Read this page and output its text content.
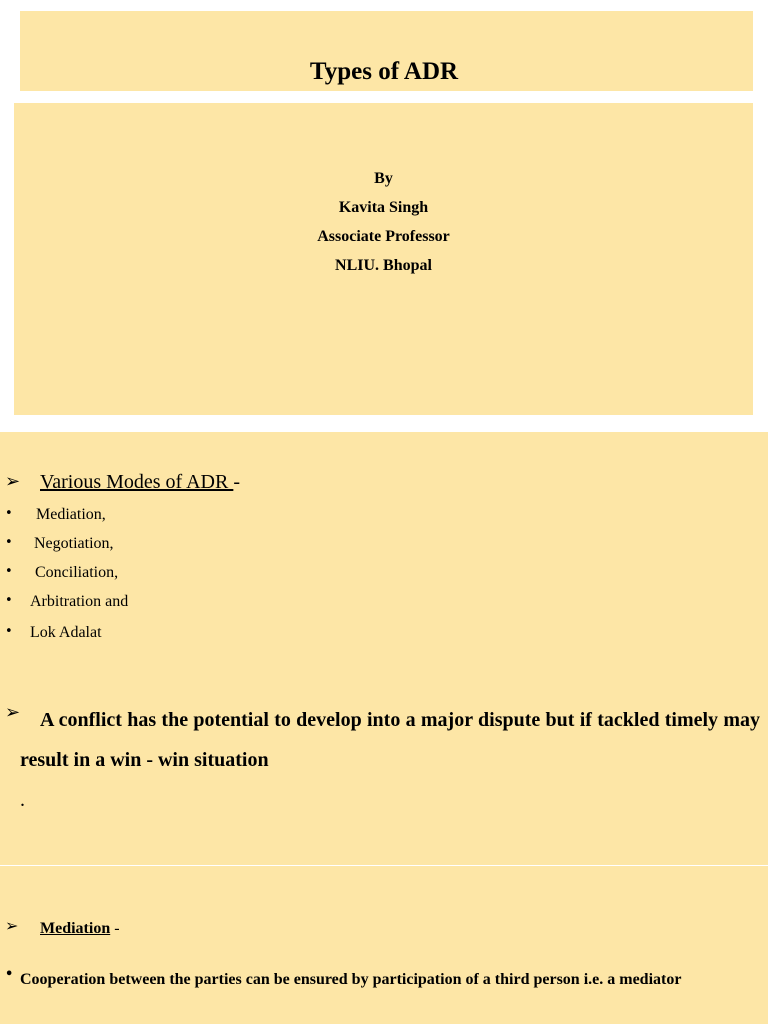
Types of ADR
By
Kavita Singh
Associate Professor
NLIU. Bhopal
➢ Various Modes of ADR -
• Mediation,
• Negotiation,
• Conciliation,
• Arbitration and
• Lok Adalat
➢ A conflict has the potential to develop into a major dispute but if tackled timely may result in a win - win situation.
➢ Mediation -
• Cooperation between the parties can be ensured by participation of a third person i.e. a mediator
